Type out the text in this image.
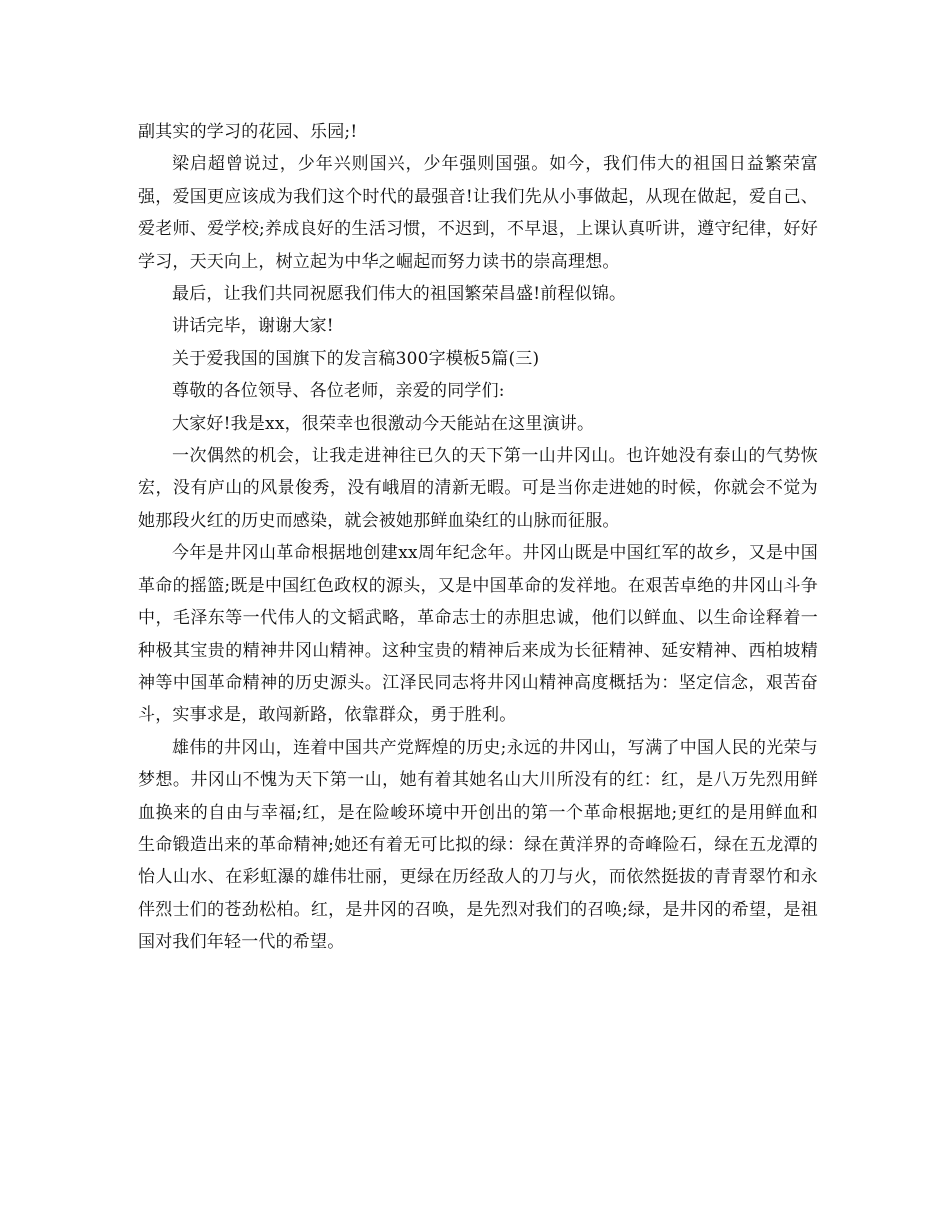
副其实的学习的花园、乐园;!

梁启超曾说过，少年兴则国兴，少年强则国强。如今，我们伟大的祖国日益繁荣富强，爱国更应该成为我们这个时代的最强音!让我们先从小事做起，从现在做起，爱自己、爱老师、爱学校;养成良好的生活习惯，不迟到，不早退，上课认真听讲，遵守纪律，好好学习，天天向上，树立起为中华之崛起而努力读书的崇高理想。

最后，让我们共同祝愿我们伟大的祖国繁荣昌盛!前程似锦。

讲话完毕，谢谢大家!

关于爱我国的国旗下的发言稿300字模板5篇(三)

尊敬的各位领导、各位老师，亲爱的同学们:

大家好!我是xx，很荣幸也很激动今天能站在这里演讲。

一次偶然的机会，让我走进神往已久的天下第一山井冈山。也许她没有泰山的气势恢宏，没有庐山的风景俊秀，没有峨眉的清新无暇。可是当你走进她的时候，你就会不觉为她那段火红的历史而感染，就会被她那鲜血染红的山脉而征服。

今年是井冈山革命根据地创建xx周年纪念年。井冈山既是中国红军的故乡，又是中国革命的摇篮;既是中国红色政权的源头，又是中国革命的发祥地。在艰苦卓绝的井冈山斗争中，毛泽东等一代伟人的文韬武略，革命志士的赤胆忠诚，他们以鲜血、以生命诠释着一种极其宝贵的精神井冈山精神。这种宝贵的精神后来成为长征精神、延安精神、西柏坡精神等中国革命精神的历史源头。江泽民同志将井冈山精神高度概括为：坚定信念，艰苦奋斗，实事求是，敢闯新路，依靠群众，勇于胜利。

雄伟的井冈山，连着中国共产党辉煌的历史;永远的井冈山，写满了中国人民的光荣与梦想。井冈山不愧为天下第一山，她有着其她名山大川所没有的红：红，是八万先烈用鲜血换来的自由与幸福;红，是在险峻环境中开创出的第一个革命根据地;更红的是用鲜血和生命锻造出来的革命精神;她还有着无可比拟的绿：绿在黄洋界的奇峰险石，绿在五龙潭的怡人山水、在彩虹瀑的雄伟壮丽，更绿在历经敌人的刀与火，而依然挺拔的青青翠竹和永伴烈士们的苍劲松柏。红，是井冈的召唤，是先烈对我们的召唤;绿，是井冈的希望，是祖国对我们年轻一代的希望。
